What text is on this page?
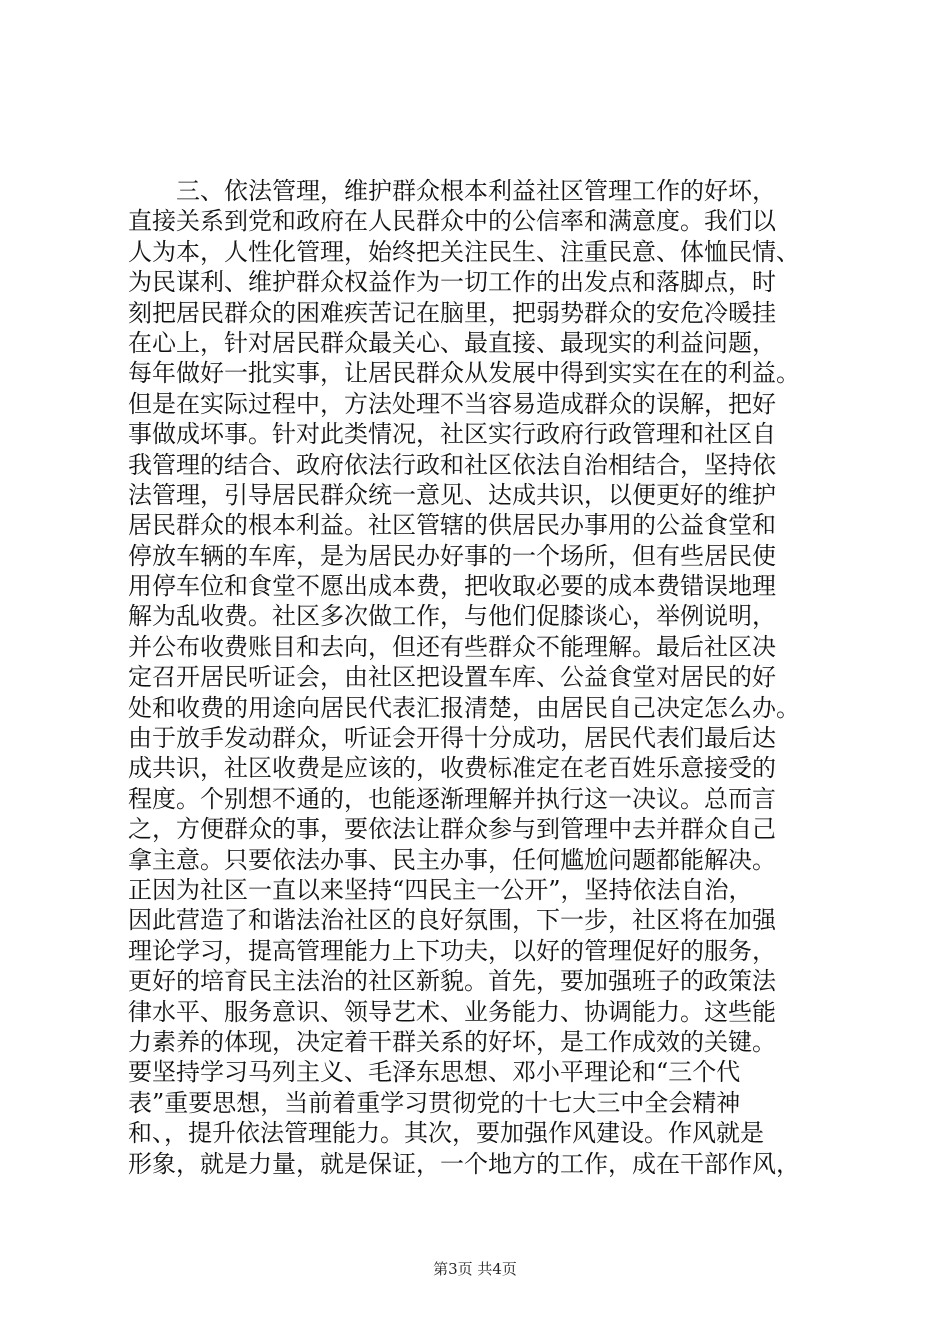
三、依法管理，维护群众根本利益社区管理工作的好坏，
直接关系到党和政府在人民群众中的公信率和满意度。我们以
人为本，人性化管理，始终把关注民生、注重民意、体恤民情、
为民谋利、维护群众权益作为一切工作的出发点和落脚点，时
刻把居民群众的困难疾苦记在脑里，把弱势群众的安危冷暖挂
在心上，针对居民群众最关心、最直接、最现实的利益问题，
每年做好一批实事，让居民群众从发展中得到实实在在的利益。
但是在实际过程中，方法处理不当容易造成群众的误解，把好
事做成坏事。针对此类情况，社区实行政府行政管理和社区自
我管理的结合、政府依法行政和社区依法自治相结合，坚持依
法管理，引导居民群众统一意见、达成共识，以便更好的维护
居民群众的根本利益。社区管辖的供居民办事用的公益食堂和
停放车辆的车库，是为居民办好事的一个场所，但有些居民使
用停车位和食堂不愿出成本费，把收取必要的成本费错误地理
解为乱收费。社区多次做工作，与他们促膝谈心，举例说明，
并公布收费账目和去向，但还有些群众不能理解。最后社区决
定召开居民听证会，由社区把设置车库、公益食堂对居民的好
处和收费的用途向居民代表汇报清楚，由居民自己决定怎么办。
由于放手发动群众，听证会开得十分成功，居民代表们最后达
成共识，社区收费是应该的，收费标准定在老百姓乐意接受的
程度。个别想不通的，也能逐渐理解并执行这一决议。总而言
之，方便群众的事，要依法让群众参与到管理中去并群众自己
拿主意。只要依法办事、民主办事，任何尴尬问题都能解决。
正因为社区一直以来坚持“四民主一公开”，坚持依法自治，
因此营造了和谐法治社区的良好氛围，下一步，社区将在加强
理论学习，提高管理能力上下功夫，以好的管理促好的服务，
更好的培育民主法治的社区新貌。首先，要加强班子的政策法
律水平、服务意识、领导艺术、业务能力、协调能力。这些能
力素养的体现，决定着干群关系的好坏，是工作成效的关键。
要坚持学习马列主义、毛泽东思想、邓小平理论和“三个代
表”重要思想，当前着重学习贯彻党的十七大三中全会精神
和、，提升依法管理能力。其次，要加强作风建设。作风就是
形象，就是力量，就是保证，一个地方的工作，成在干部作风，
第3页 共4页
